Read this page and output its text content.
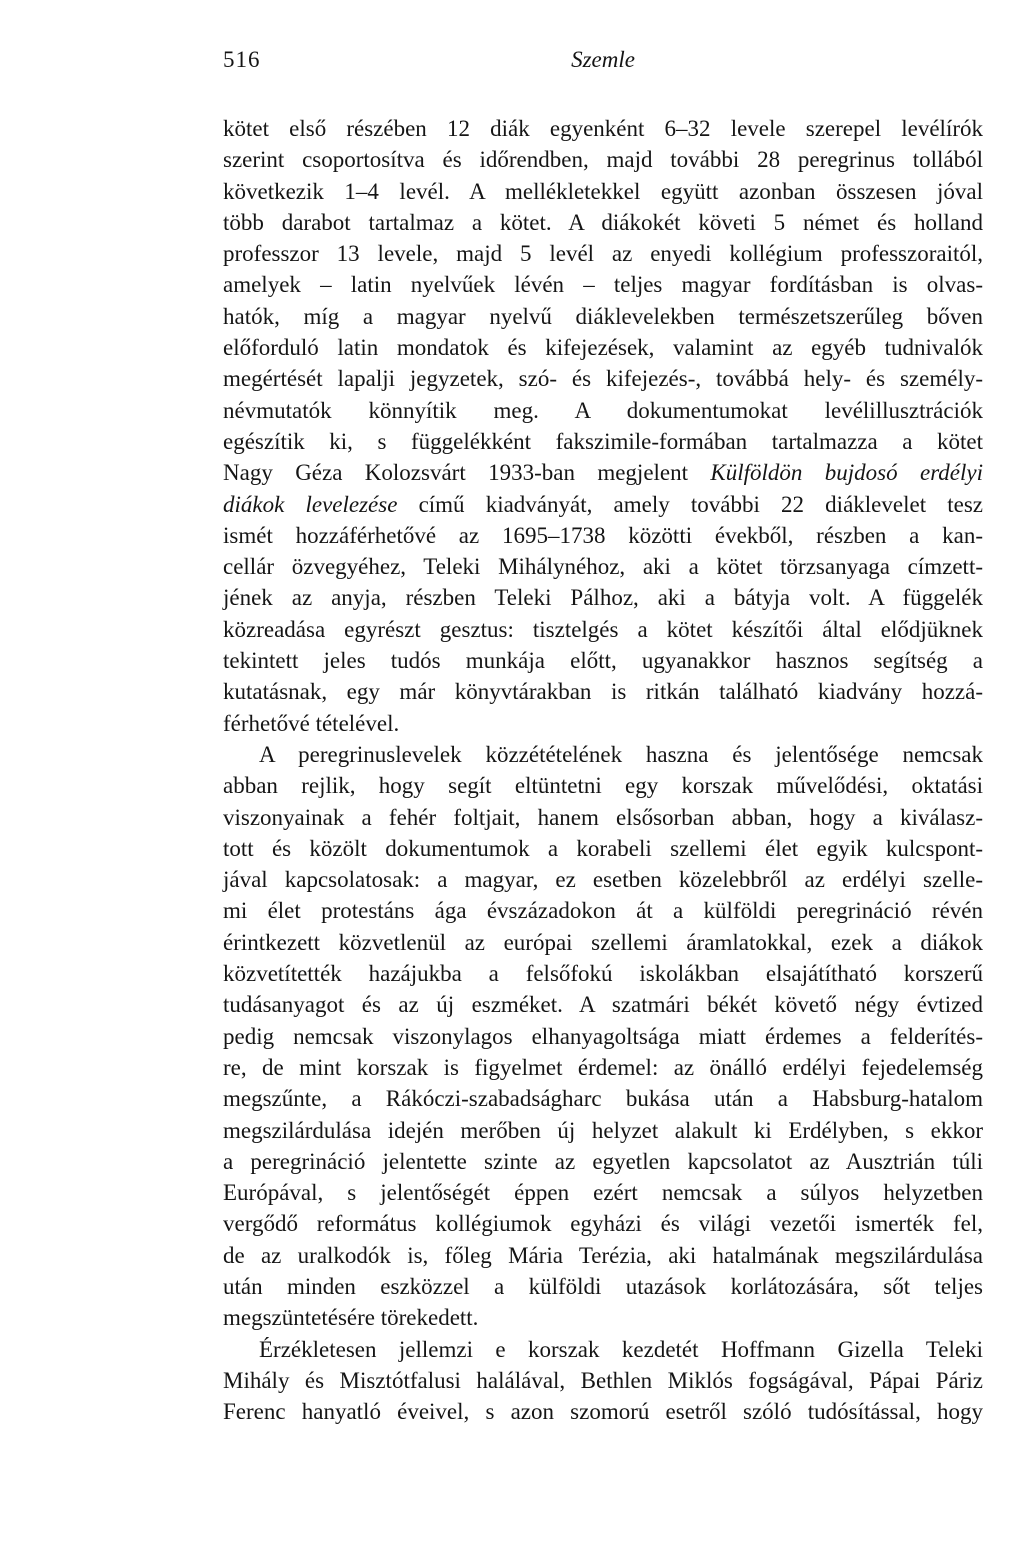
516	Szemle
kötet első részében 12 diák egyenként 6–32 levele szerepel levélírók
szerint csoportosítva és időrendben, majd további 28 peregrinus tollából
következik 1–4 levél. A mellékletekkel együtt azonban összesen jóval
több darabot tartalmaz a kötet. A diákokét követi 5 német és holland
professzor 13 levele, majd 5 levél az enyedi kollégium professzoraitól,
amelyek – latin nyelvűek lévén – teljes magyar fordításban is olvas-
hatók, míg a magyar nyelvű diáklevelekben természetszerűleg bőven
előforduló latin mondatok és kifejezések, valamint az egyéb tudnivalók
megértését lapalji jegyzetek, szó- és kifejezés-, továbbá hely- és személy-
névmutatók könnyítik meg. A dokumentumokat levélillusztrációk
egészítik ki, s függelékként fakszimile-formában tartalmazza a kötet
Nagy Géza Kolozsvárt 1933-ban megjelent Külföldön bujdosó erdélyi
diákok levelezése című kiadványát, amely további 22 diáklevelet tesz
ismét hozzáférhetővé az 1695–1738 közötti évekből, részben a kan-
cellár özvegyéhez, Teleki Mihálynéhoz, aki a kötet törzsanyaga címzett-
jének az anyja, részben Teleki Pálhoz, aki a bátyja volt. A függelék
közreadása egyrészt gesztus: tisztelgés a kötet készítői által elődjüknek
tekintett jeles tudós munkája előtt, ugyanakkor hasznos segítség a
kutatásnak, egy már könyvtárakban is ritkán található kiadvány hozzá-
férhetővé tételével.
A peregrinuslevelek közzétételének haszna és jelentősége nemcsak
abban rejlik, hogy segít eltüntetni egy korszak művelődési, oktatási
viszonyainak a fehér foltjait, hanem elsősorban abban, hogy a kiválasz-
tott és közölt dokumentumok a korabeli szellemi élet egyik kulcspont-
jával kapcsolatosak: a magyar, ez esetben közelebbről az erdélyi szelle-
mi élet protestáns ága évszázadokon át a külföldi peregrináció révén
érintkezett közvetlenül az európai szellemi áramlatokkal, ezek a diákok
közvetítették hazájukba a felsőfokú iskolákban elsajátítható korszerű
tudásanyagot és az új eszméket. A szatmári békét követő négy évtized
pedig nemcsak viszonylagos elhanyagoltsága miatt érdemes a felderítés-
re, de mint korszak is figyelmet érdemel: az önálló erdélyi fejedelemség
megszűnte, a Rákóczi-szabadságharc bukása után a Habsburg-hatalom
megszilárdulása idején merőben új helyzet alakult ki Erdélyben, s ekkor
a peregrináció jelentette szinte az egyetlen kapcsolatot az Ausztrián túli
Európával, s jelentőségét éppen ezért nemcsak a súlyos helyzetben
vergődő református kollégiumok egyházi és világi vezetői ismerték fel,
de az uralkodók is, főleg Mária Terézia, aki hatalmának megszilárdulása
után minden eszközzel a külföldi utazások korlátozására, sőt teljes
megszüntetésére törekedett.
Érzékletesen jellemzi e korszak kezdetét Hoffmann Gizella Teleki
Mihály és Misztótfalusi halálával, Bethlen Miklós fogságával, Pápai Páriz
Ferenc hanyatló éveivel, s azon szomorú esetről szóló tudósítással, hogy
